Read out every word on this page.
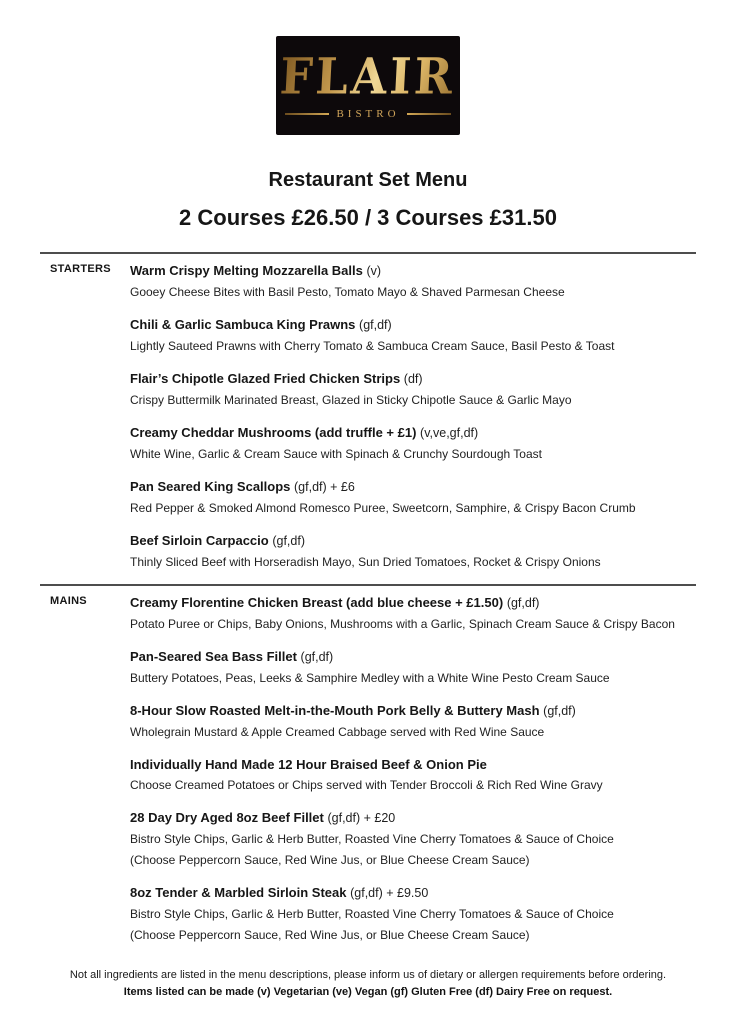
FLAIR
BISTRO
Restaurant Set Menu
2 Courses £26.50 / 3 Courses £31.50
STARTERS	Warm Crispy Melting Mozzarella Balls (v)
Gooey Cheese Bites with Basil Pesto, Tomato Mayo & Shaved Parmesan Cheese
Chili & Garlic Sambuca King Prawns (gf,df)
Lightly Sauteed Prawns with Cherry Tomato & Sambuca Cream Sauce, Basil Pesto & Toast
Flair’s Chipotle Glazed Fried Chicken Strips (df)
Crispy Buttermilk Marinated Breast, Glazed in Sticky Chipotle Sauce & Garlic Mayo
Creamy Cheddar Mushrooms (add truffle + £1) (v,ve,gf,df)
White Wine, Garlic & Cream Sauce with Spinach & Crunchy Sourdough Toast
Pan Seared King Scallops (gf,df) + £6
Red Pepper & Smoked Almond Romesco Puree, Sweetcorn, Samphire, & Crispy Bacon Crumb
Beef Sirloin Carpaccio (gf,df)
Thinly Sliced Beef with Horseradish Mayo, Sun Dried Tomatoes, Rocket & Crispy Onions
MAINS	Creamy Florentine Chicken Breast (add blue cheese + £1.50) (gf,df)
Potato Puree or Chips, Baby Onions, Mushrooms with a Garlic, Spinach Cream Sauce & Crispy Bacon
Pan-Seared Sea Bass Fillet (gf,df)
Buttery Potatoes, Peas, Leeks & Samphire Medley with a White Wine Pesto Cream Sauce
8-Hour Slow Roasted Melt-in-the-Mouth Pork Belly & Buttery Mash (gf,df)
Wholegrain Mustard & Apple Creamed Cabbage served with Red Wine Sauce
Individually Hand Made 12 Hour Braised Beef & Onion Pie
Choose Creamed Potatoes or Chips served with Tender Broccoli & Rich Red Wine Gravy
28 Day Dry Aged 8oz Beef Fillet (gf,df) + £20
Bistro Style Chips, Garlic & Herb Butter, Roasted Vine Cherry Tomatoes & Sauce of Choice
(Choose Peppercorn Sauce, Red Wine Jus, or Blue Cheese Cream Sauce)
8oz Tender & Marbled Sirloin Steak (gf,df) + £9.50
Bistro Style Chips, Garlic & Herb Butter, Roasted Vine Cherry Tomatoes & Sauce of Choice
(Choose Peppercorn Sauce, Red Wine Jus, or Blue Cheese Cream Sauce)
Not all ingredients are listed in the menu descriptions, please inform us of dietary or allergen requirements before ordering.
Items listed can be made (v) Vegetarian (ve) Vegan (gf) Gluten Free (df) Dairy Free on request.
